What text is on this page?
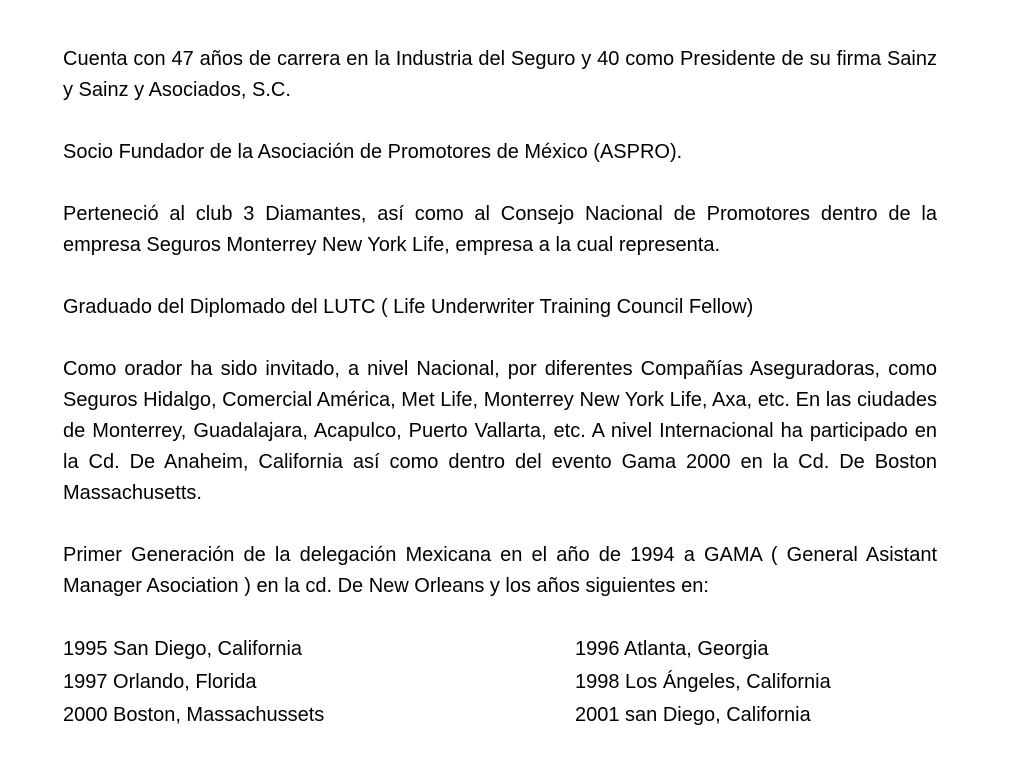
Cuenta con 47 años de carrera en la Industria del Seguro y 40 como Presidente de su firma Sainz y Sainz y Asociados, S.C.

Socio Fundador de la Asociación de Promotores de México (ASPRO).

Perteneció al club 3 Diamantes, así como al Consejo Nacional de Promotores dentro de la empresa Seguros Monterrey New York Life, empresa a la cual representa.

Graduado del Diplomado del LUTC ( Life Underwriter Training Council Fellow)

Como orador ha sido invitado, a nivel Nacional, por diferentes Compañías Aseguradoras, como Seguros Hidalgo, Comercial América, Met Life, Monterrey New York Life, Axa, etc. En las ciudades de Monterrey, Guadalajara, Acapulco, Puerto Vallarta, etc. A nivel Internacional ha participado en la Cd. De Anaheim, California así como dentro del evento Gama 2000 en la Cd. De Boston Massachusetts.

Primer Generación de la delegación Mexicana en el año de 1994 a GAMA ( General Asistant Manager Asociation ) en la cd. De New Orleans y los años siguientes en:

1995 San Diego, California	1996 Atlanta, Georgia
1997 Orlando, Florida	1998 Los Ángeles, California
2000 Boston, Massachussets	2001 san Diego, California
